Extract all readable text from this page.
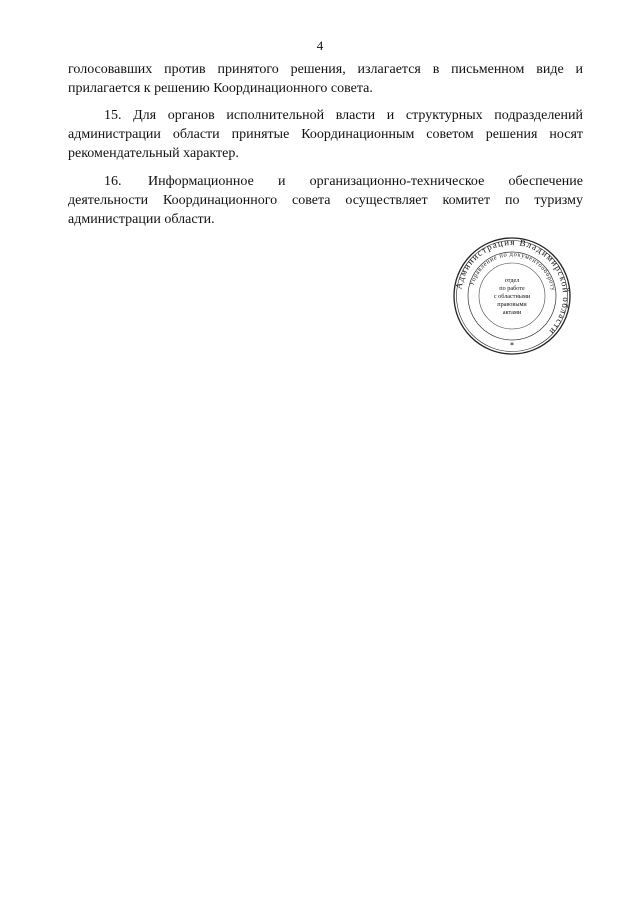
4
голосовавших против принятого решения, излагается в письменном виде и прилагается к решению Координационного совета.
15. Для органов исполнительной власти и структурных подразделений администрации области принятые Координационным советом решения носят рекомендательный характер.
16. Информационное и организационно-техническое обеспечение деятельности Координационного совета осуществляет комитет по туризму администрации области.
Администрация Владимирской области
Управление по документообороту
отдел
по работе
с областными
правовыми
актами
*
